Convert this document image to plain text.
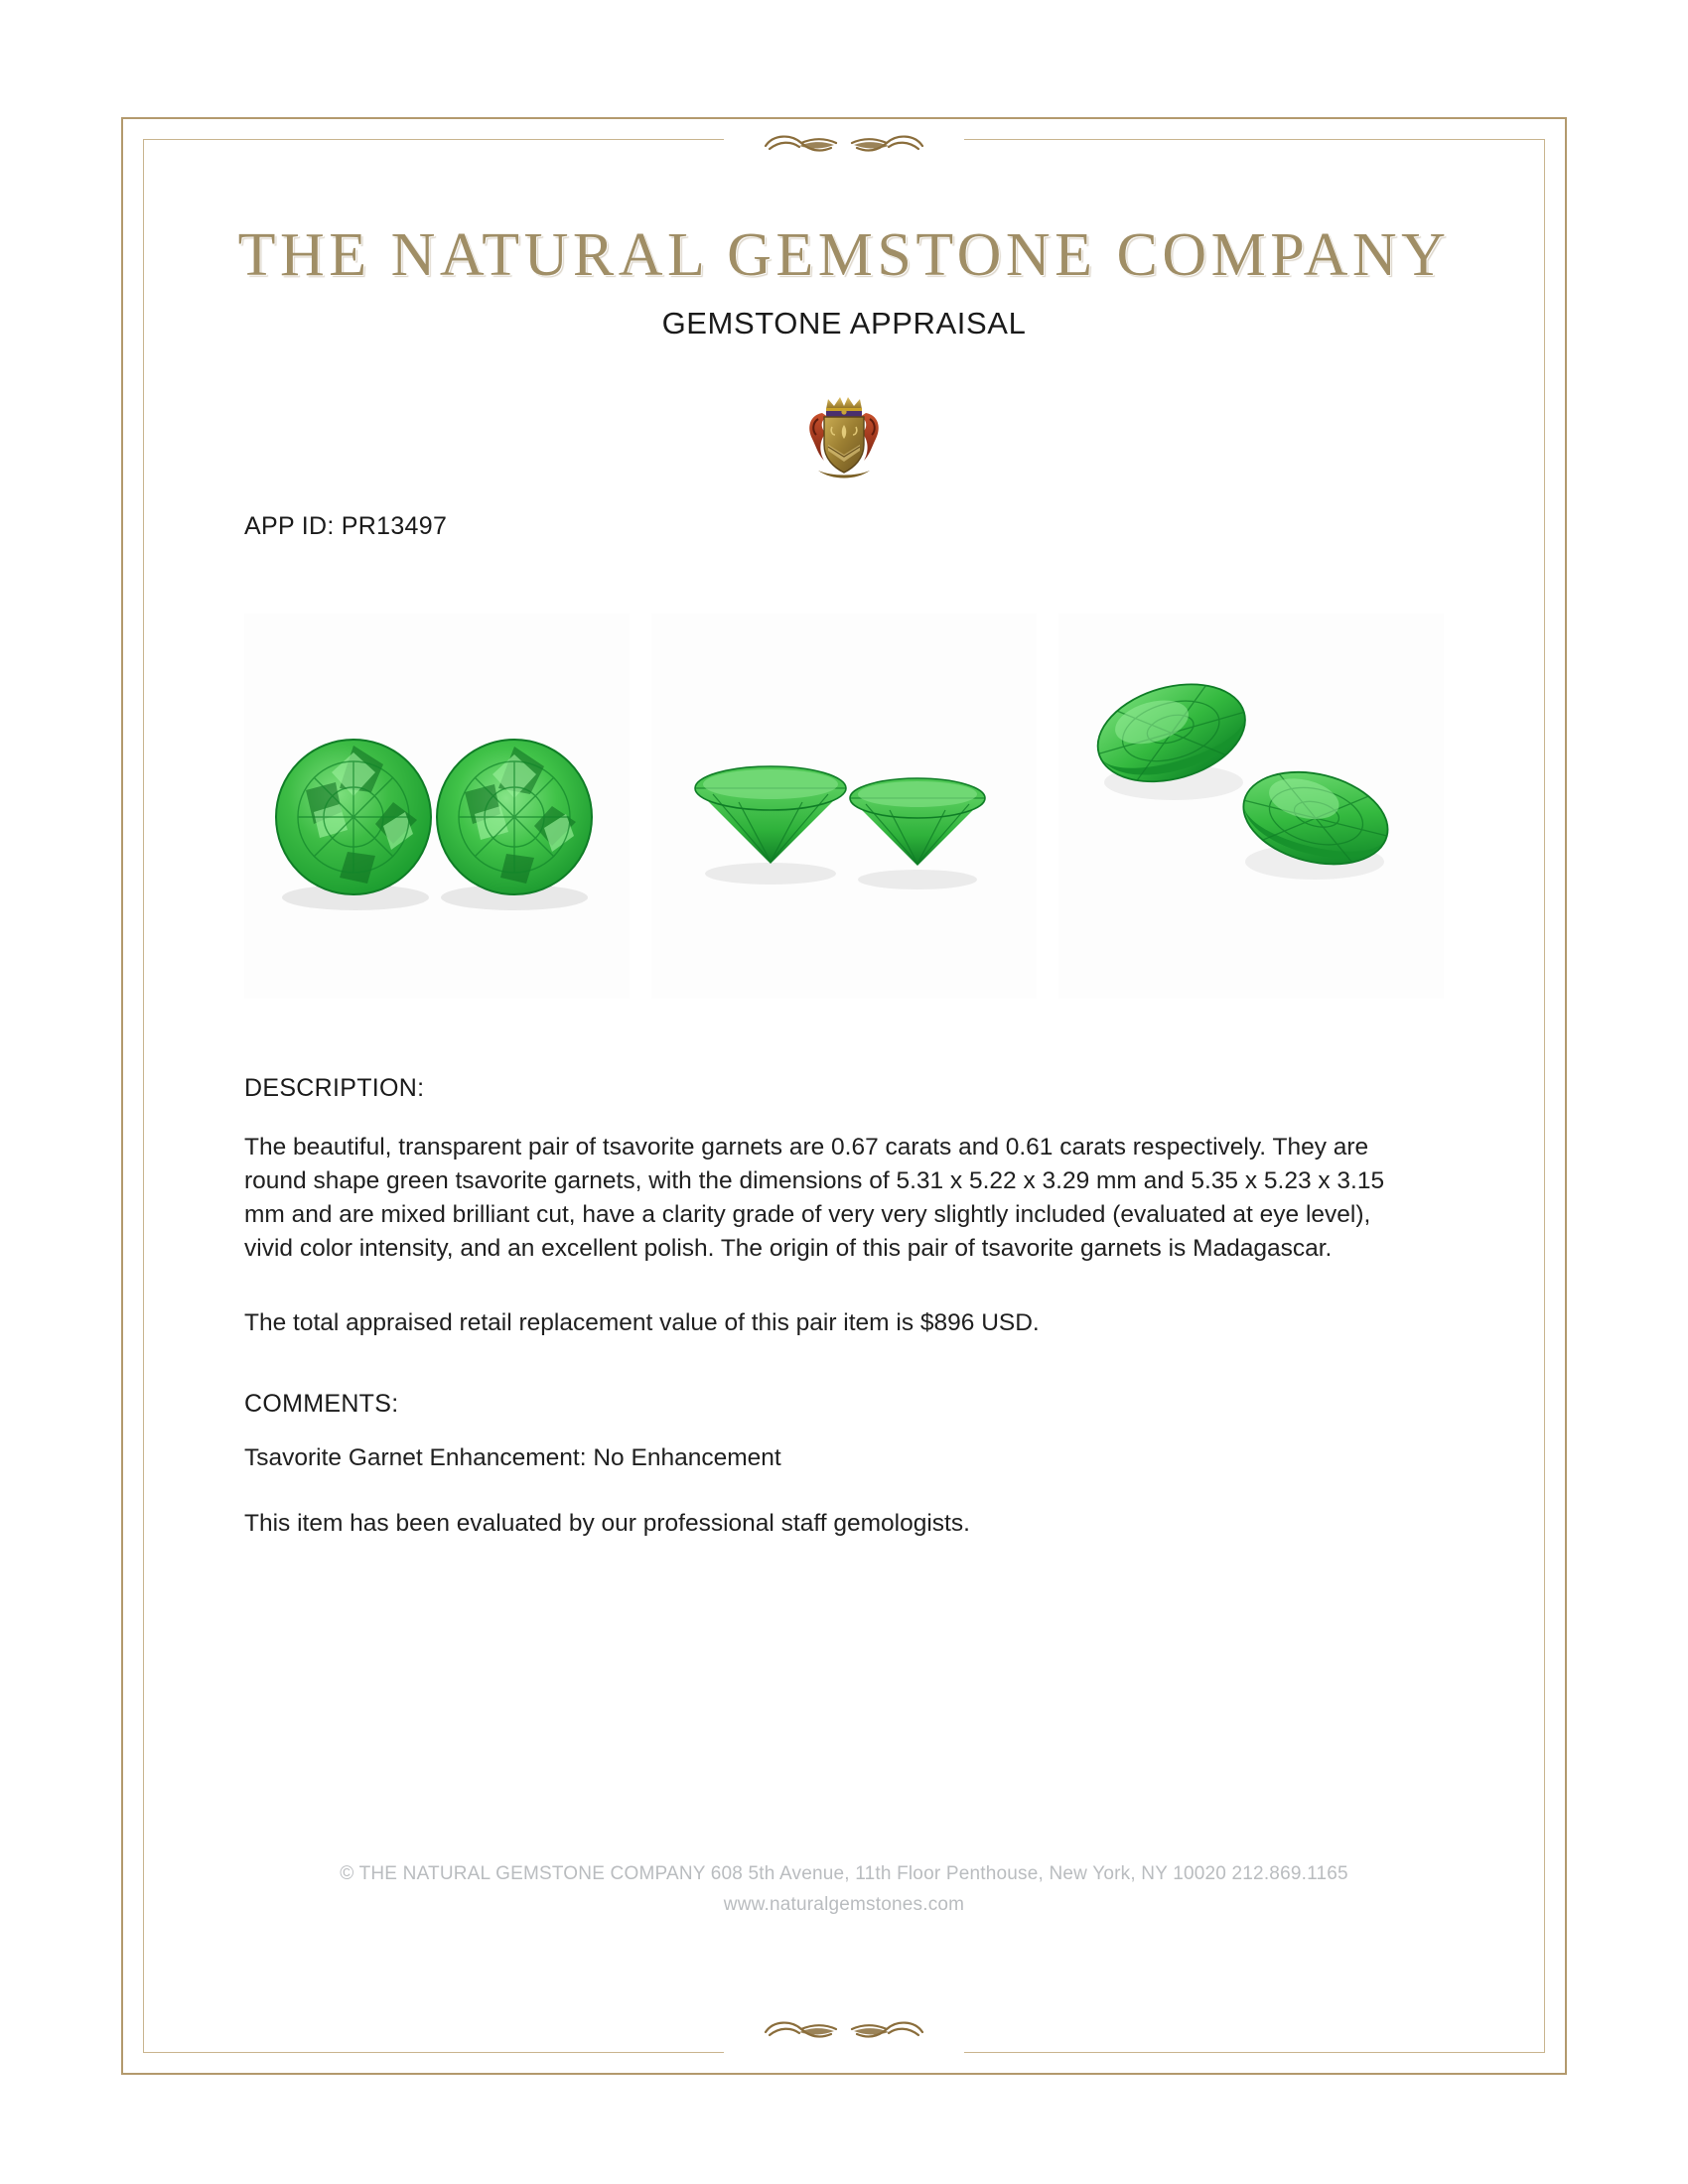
THE NATURAL GEMSTONE COMPANY
GEMSTONE APPRAISAL
APP ID: PR13497
DESCRIPTION:
The beautiful, transparent pair of tsavorite garnets are 0.67 carats and 0.61 carats respectively. They are round shape green tsavorite garnets, with the dimensions of 5.31 x 5.22 x 3.29 mm and 5.35 x 5.23 x 3.15 mm and are mixed brilliant cut, have a clarity grade of very very slightly included (evaluated at eye level), vivid color intensity, and an excellent polish. The origin of this pair of tsavorite garnets is Madagascar.
The total appraised retail replacement value of this pair item is $896 USD.
COMMENTS:
Tsavorite Garnet Enhancement: No Enhancement
This item has been evaluated by our professional staff gemologists.
© THE NATURAL GEMSTONE COMPANY 608 5th Avenue, 11th Floor Penthouse, New York, NY 10020 212.869.1165
www.naturalgemstones.com
